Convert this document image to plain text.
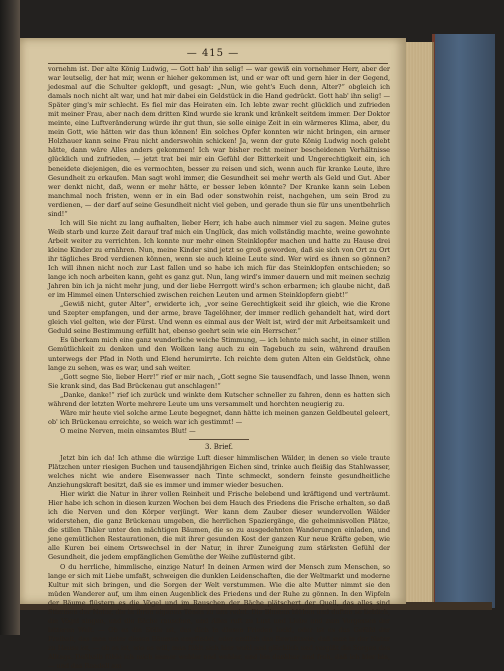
— 415 —

vornehm ist. Der alte König Ludwig, — Gott hab' ihn selig! — war gewiß ein vornehmer Herr, aber der war leutselig, der hat mir, wenn er hieher gekommen ist, und er war oft und gern hier in der Gegend, jedesmal auf die Schulter geklopft, und gesagt: „Nun, wie geht's Euch denn, Alter?“ obgleich ich damals noch nicht alt war, und hat mir dabei ein Geldstück in die Hand gedrückt. Gott hab' ihn selig! — Später ging's mir schlecht. Es fiel mir das Heiraten ein. Ich lebte zwar recht glücklich und zufrieden mit meiner Frau, aber nach dem dritten Kind wurde sie krank und kränkelt seitdem immer. Der Doktor meinte, eine Luftveränderung würde ihr gut thun, sie solle einige Zeit in ein wärmeres Klima, aber, du mein Gott, wie hätten wir das thun können! Ein solches Opfer konnten wir nicht bringen, ein armer Holzhauer kann seine Frau nicht anderswohin schicken! Ja, wenn der gute König Ludwig noch gelebt hätte, dann wäre Alles anders gekommen! Ich war bisher recht meiner bescheidenen Verhältnisse glücklich und zufrieden, — jetzt trat bei mir ein Gefühl der Bitterkeit und Ungerechtigkeit ein, ich beneidete diejenigen, die es vermochten, besser zu reisen und sich, wenn auch für kranke Leute, ihre Gesundheit zu erkaufen. Man sagt wohl immer, die Gesundheit sei mehr werth als Geld und Gut. Aber wer denkt nicht, daß, wenn er mehr hätte, er besser leben könnte? Der Kranke kann sein Leben manchmal noch fristen, wenn er in ein Bad oder sonstwohin reist, nachgehen, um sein Brod zu verdienen, — der darf auf seine Gesundheit nicht viel geben, und gerade thun sie für uns unentbehrlich sind!“

Ich will Sie nicht zu lang aufhalten, lieber Herr, ich habe auch nimmer viel zu sagen. Meine gutes Weib starb und kurze Zeit darauf traf mich ein Unglück, das mich vollständig machte, weine gewohnte Arbeit weiter zu verrichten. Ich konnte nur mehr einen Steinklopfer machen und hatte zu Hause drei kleine Kinder zu ernähren. Nun, meine Kinder sind jetzt so groß geworden, daß sie sich von Ort zu Ort ihr tägliches Brod verdienen können, wenn sie auch kleine Leute sind. Wer wird es ihnen so gönnen? Ich will ihnen nicht noch zur Last fallen und so habe ich mich für das Steinklopfen entschieden; so lange ich noch arbeiten kann, geht es ganz gut. Nun, lang wird's immer dauern und mit meinen sechzig Jahren bin ich ja nicht mehr jung, und der liebe Herrgott wird's schon erbarmen; ich glaube nicht, daß er im Himmel einen Unterschied zwischen reichen Leuten und armen Steinklopfern giebt!“

„Gewiß nicht, guter Alter“, erwiderte ich, „vor seine Gerechtigkeit seid ihr gleich, wie die Krone und Szepter empfangen, und der arme, brave Tagelöhner, der immer redlich gehandelt hat, wird dort gleich viel gelten, wie der Fürst. Und wenn es einmal aus der Welt ist, wird der mit Arbeitsamkeit und Geduld seine Bestimmung erfüllt hat, ebenso geehrt sein wie ein Herrscher.“

Es überkam mich eine ganz wunderliche weiche Stimmung, — ich lehnte mich sacht, in einer stillen Gemütlichkeit zu denken und den Wolken lang auch zu ein Tagebuch zu sein, während draußen unterwegs der Pfad in Noth und Elend herumirrte. Ich reichte dem guten Alten ein Geldstück, ohne lange zu sehen, was es war, und sah weiter.

„Gott segne Sie, lieber Herr!“ rief er mir nach, „Gott segne Sie tausendfach, und lasse Ihnen, wenn Sie krank sind, das Bad Brückenau gut anschlagen!“

„Danke, danke!“ rief ich zurück und winkte dem Kutscher schneller zu fahren, denn es hatten sich während der letzten Worte mehrere Leute um uns versammelt und horchten neugierig zu.

Wäre mir heute viel solche arme Leute begegnet, dann hätte ich meinen ganzen Geldbeutel geleert, ob' ich Brückenau erreichte, so weich war ich gestimmt! —

O meine Nerven, mein einsamtes Blut! —

3. Brief.

Jetzt bin ich da! Ich athme die würzige Luft dieser himmlischen Wälder, in denen so viele traute Plätzchen unter riesigen Buchen und tausendjährigen Eichen sind, trinke auch fleißig das Stahlwasser, welches nicht wie andere Eisenwasser nach Tinte schmeckt, sondern feinste gesundheitliche Anziehungskraft besitzt, daß sie es immer und immer wieder besuchen.

Hier wirkt die Natur in ihrer vollen Reinheit und Frische belebend und kräftigend und verträumt. Hier habe ich schon in diesen kurzen Wochen bei dem Hauch des Friedens die Frische erhalten, so daß ich die Nerven und den Körper verjüngt. Wer kann dem Zauber dieser wundervollen Wälder widerstehen, die ganz Brückenau umgeben, die herrlichen Spaziergänge, die geheimnisvollen Plätze, die stillen Thäler unter den mächtigen Bäumen, die so zu ausgedehnten Wanderungen einladen, und jene gemütlichen Restaurationen, die mit ihrer gesunden Kost der ganzen Kur neue Kräfte geben, wie alle Kuren bei einem Ortswechsel in der Natur, in ihrer Zuneigung zum stärksten Gefühl der Gesundheit, die jedem empfänglichen Gemüthe der Weihe zuflüsternd gibt.

O du herrliche, himmlische, einzige Natur! In deinen Armen wird der Mensch zum Menschen, so lange er sich mit Liebe umfaßt, schweigen die dunklen Leidenschaften, die der Weltmarkt und moderne Kultur mit sich bringen, und die Sorgen der Welt verstummen. Wie die alte Mutter nimmt sie den müden Wanderer auf, um ihm einen Augenblick des Friedens und der Ruhe zu gönnen. In den Wipfeln der Bäume flüstern es die Vögel und im Rauschen der Bäche plätschert der Quell, das alles sind Stimmen der Natur, die in ihren eigenen Tönen zu uns redet. Die Blumen blühen und duften so lieblich, die Vögel singen, und die Bäche rauschen, und Alles ruft zu Lust und Liebe und zum Vergessen der bitteren Welt. — Ob es die Stille ist, das dich in diesen Frieden lockt, oder ist es das Gefühl der Freiheit, das man unter diesen Bäumen empfindet, oder endlich das Bewußtsein, daß man in der Natur zu Hause ist, — ob es ist, wie es will, man fühlt sich hier wohl und glücklich und vergißt die Sorgen des Alltags. Deßhalb fühle ich mich immer wohler und wohler, und bin dankbar und froh, daß ich hier bin, — und das Rondell am
